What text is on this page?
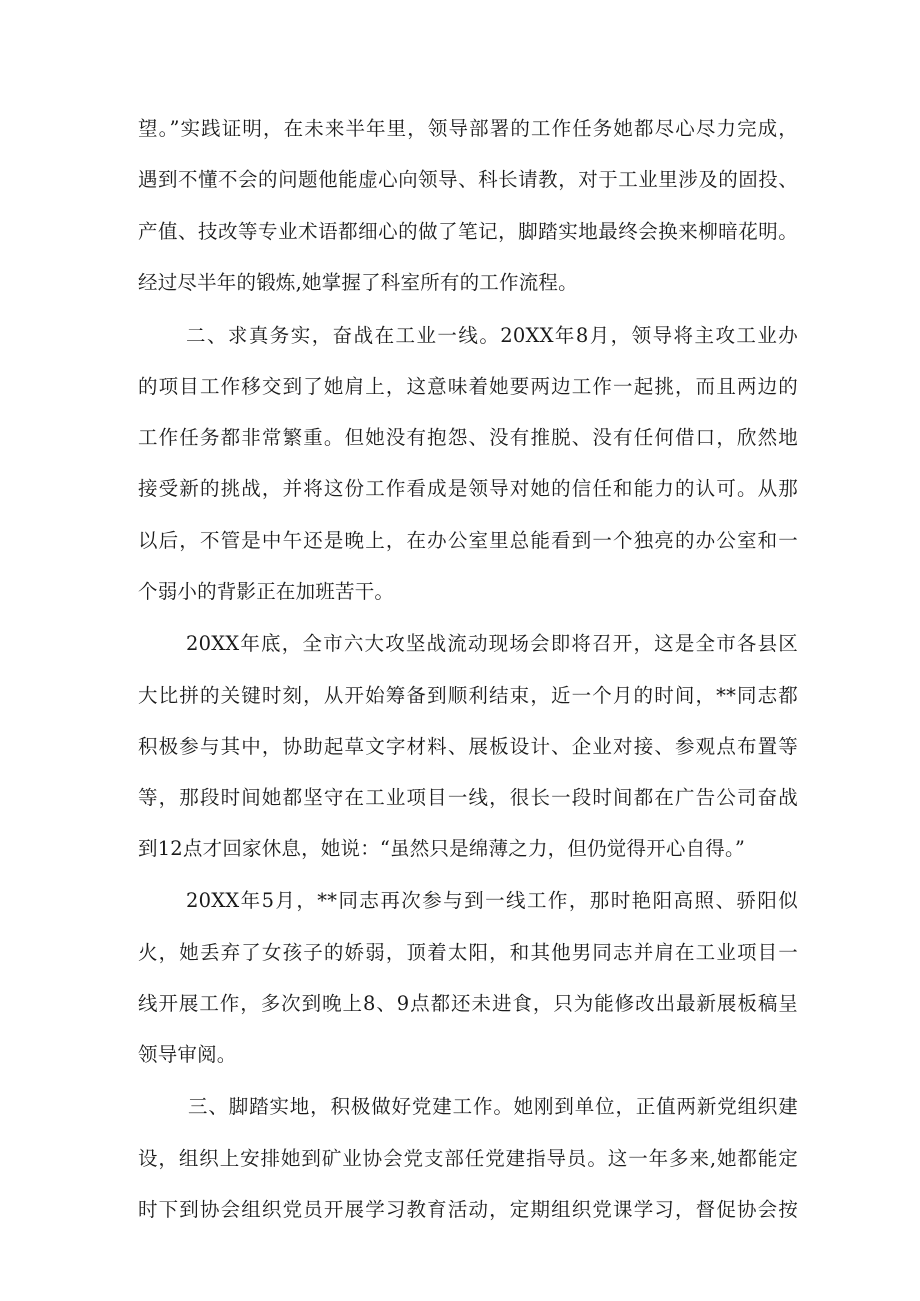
望。”实践证明，在未来半年里，领导部署的工作任务她都尽心尽力完成，
遇到不懂不会的问题他能虚心向领导、科长请教，对于工业里涉及的固投、
产值、技改等专业术语都细心的做了笔记，脚踏实地最终会换来柳暗花明。
经过尽半年的锻炼,她掌握了科室所有的工作流程。
二、求真务实，奋战在工业一线。20XX年8月，领导将主攻工业办
的项目工作移交到了她肩上，这意味着她要两边工作一起挑，而且两边的
工作任务都非常繁重。但她没有抱怨、没有推脱、没有任何借口，欣然地
接受新的挑战，并将这份工作看成是领导对她的信任和能力的认可。从那
以后，不管是中午还是晚上，在办公室里总能看到一个独亮的办公室和一
个弱小的背影正在加班苦干。
20XX年底，全市六大攻坚战流动现场会即将召开，这是全市各县区
大比拼的关键时刻，从开始筹备到顺利结束，近一个月的时间，**同志都
积极参与其中，协助起草文字材料、展板设计、企业对接、参观点布置等
等，那段时间她都坚守在工业项目一线，很长一段时间都在广告公司奋战
到12点才回家休息，她说：“虽然只是绵薄之力，但仍觉得开心自得。”
20XX年5月，**同志再次参与到一线工作，那时艳阳高照、骄阳似
火，她丢弃了女孩子的娇弱，顶着太阳，和其他男同志并肩在工业项目一
线开展工作，多次到晚上8、9点都还未进食，只为能修改出最新展板稿呈
领导审阅。
三、脚踏实地，积极做好党建工作。她刚到单位，正值两新党组织建
设，组织上安排她到矿业协会党支部任党建指导员。这一年多来,她都能定
时下到协会组织党员开展学习教育活动，定期组织党课学习，督促协会按
